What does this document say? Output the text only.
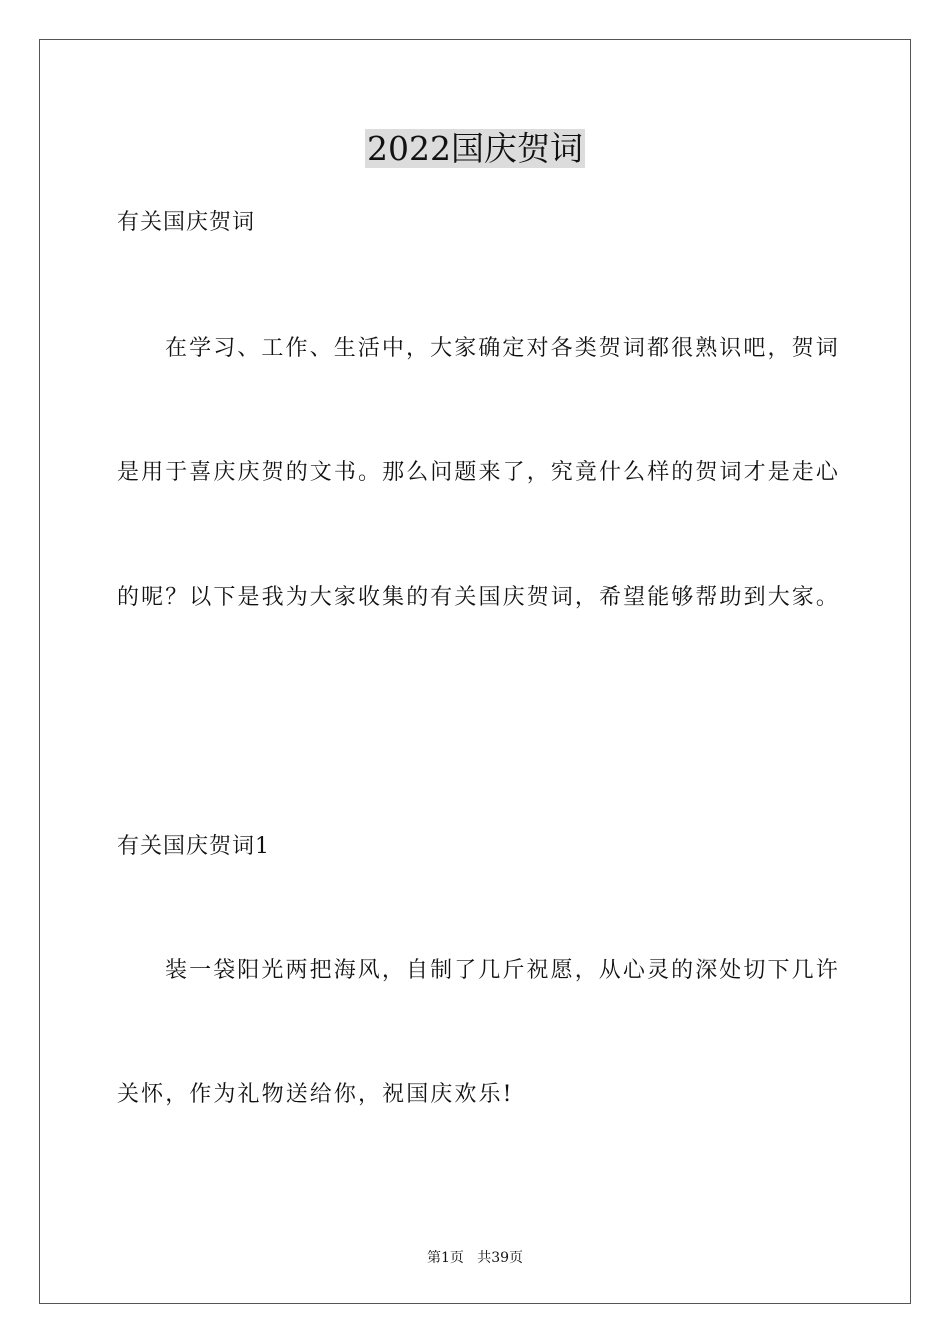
2022国庆贺词
有关国庆贺词
在学习、工作、生活中，大家确定对各类贺词都很熟识吧，贺词
是用于喜庆庆贺的文书。那么问题来了，究竟什么样的贺词才是走心
的呢？以下是我为大家收集的有关国庆贺词，希望能够帮助到大家。
有关国庆贺词1
装一袋阳光两把海风，自制了几斤祝愿，从心灵的深处切下几许
关怀，作为礼物送给你，祝国庆欢乐!
第1页   共39页
